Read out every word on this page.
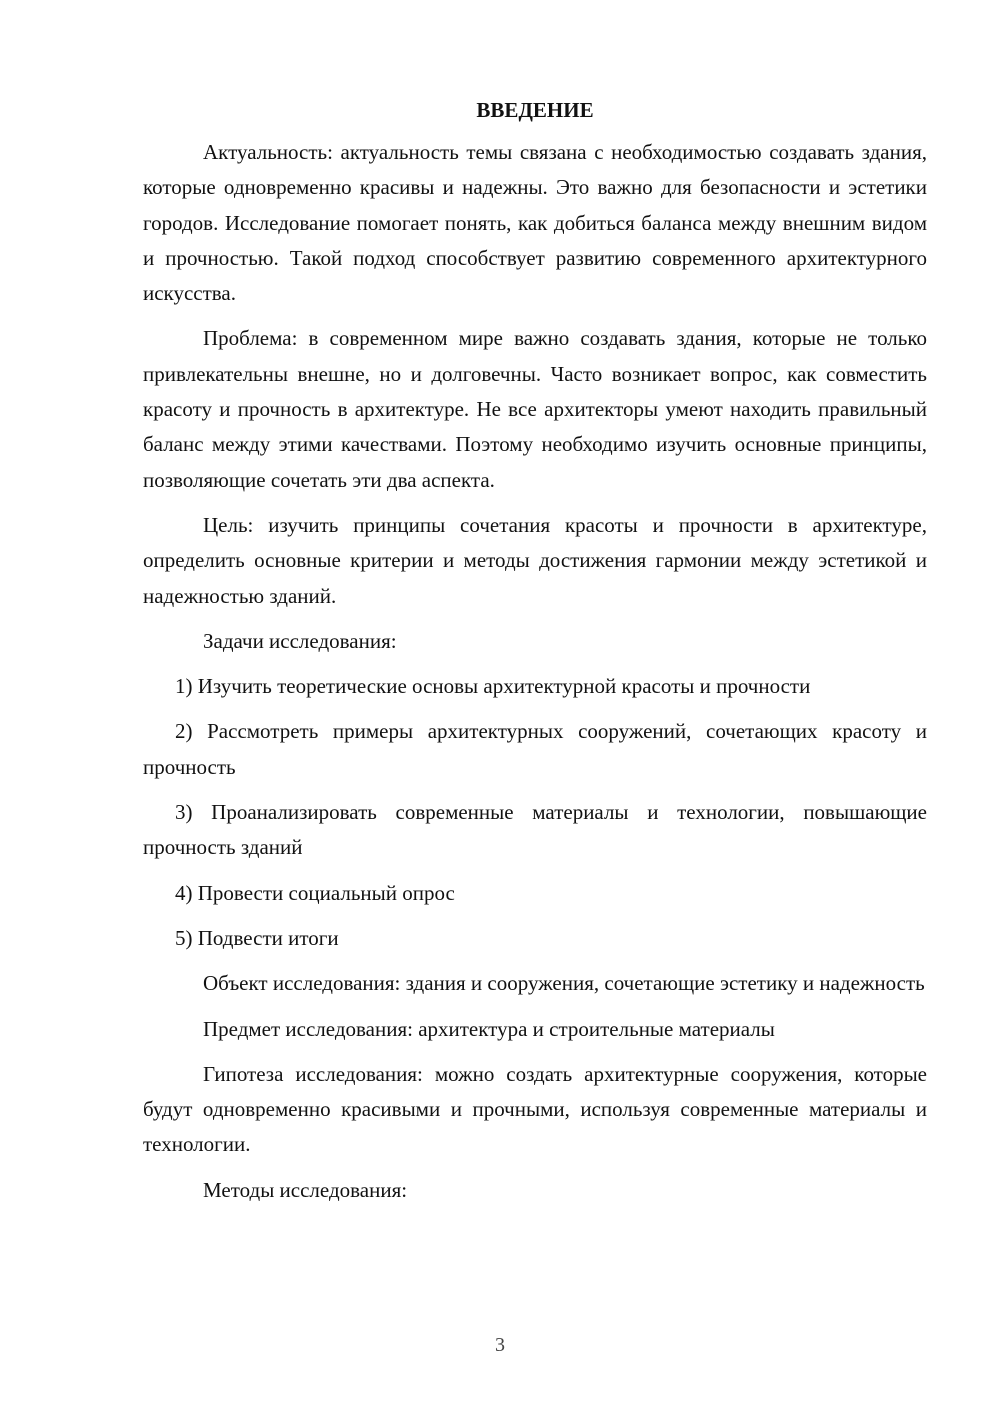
ВВЕДЕНИЕ

Актуальность: актуальность темы связана с необходимостью создавать здания, которые одновременно красивы и надежны. Это важно для безопасности и эстетики городов. Исследование помогает понять, как добиться баланса между внешним видом и прочностью. Такой подход способствует развитию современного архитектурного искусства.

Проблема: в современном мире важно создавать здания, которые не только привлекательны внешне, но и долговечны. Часто возникает вопрос, как совместить красоту и прочность в архитектуре. Не все архитекторы умеют находить правильный баланс между этими качествами. Поэтому необходимо изучить основные принципы, позволяющие сочетать эти два аспекта.

Цель: изучить принципы сочетания красоты и прочности в архитектуре, определить основные критерии и методы достижения гармонии между эстетикой и надежностью зданий.

Задачи исследования:

1) Изучить теоретические основы архитектурной красоты и прочности

2) Рассмотреть примеры архитектурных сооружений, сочетающих красоту и прочность

3) Проанализировать современные материалы и технологии, повышающие прочность зданий

4) Провести социальный опрос

5) Подвести итоги

Объект исследования: здания и сооружения, сочетающие эстетику и надежность

Предмет исследования: архитектура и строительные материалы

Гипотеза исследования: можно создать архитектурные сооружения, которые будут одновременно красивыми и прочными, используя современные материалы и технологии.

Методы исследования:

3
